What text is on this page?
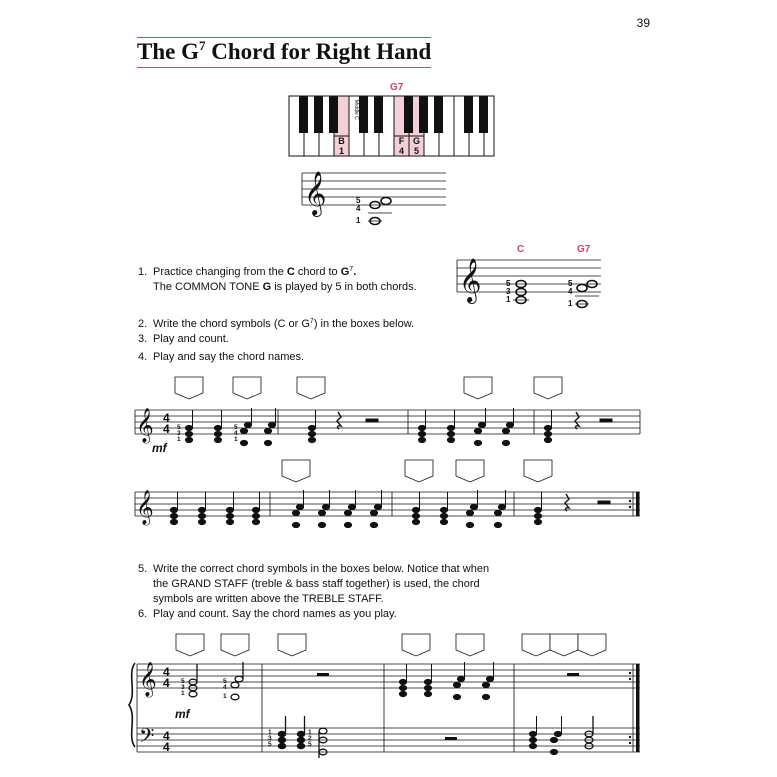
39
The $G^7$ Chord for Right Hand
G7
Middle C
B
1
F
4
G
5
𝄞	5
4
1
C	G7
𝄞	5
3
1
5
4
1
1. Practice changing from the C chord to $G^7$.
The COMMON TONE G is played by 5 in both chords.
2. Write the chord symbols (C or $G^7$) in the boxes below.
3. Play and count.
4. Play and say the chord names.
𝄞 4
4
mf
5
3
1
5
4
1
𝄞
5. Write the correct chord symbols in the boxes below. Notice that when
the GRAND STAFF (treble & bass staff together) is used, the chord
symbols are written above the TREBLE STAFF.
6. Play and count. Say the chord names as you play.
𝄞
𝄢
4
4
4
4
mf
5
3
1
5
4
1
1
3
5
1
2
5
